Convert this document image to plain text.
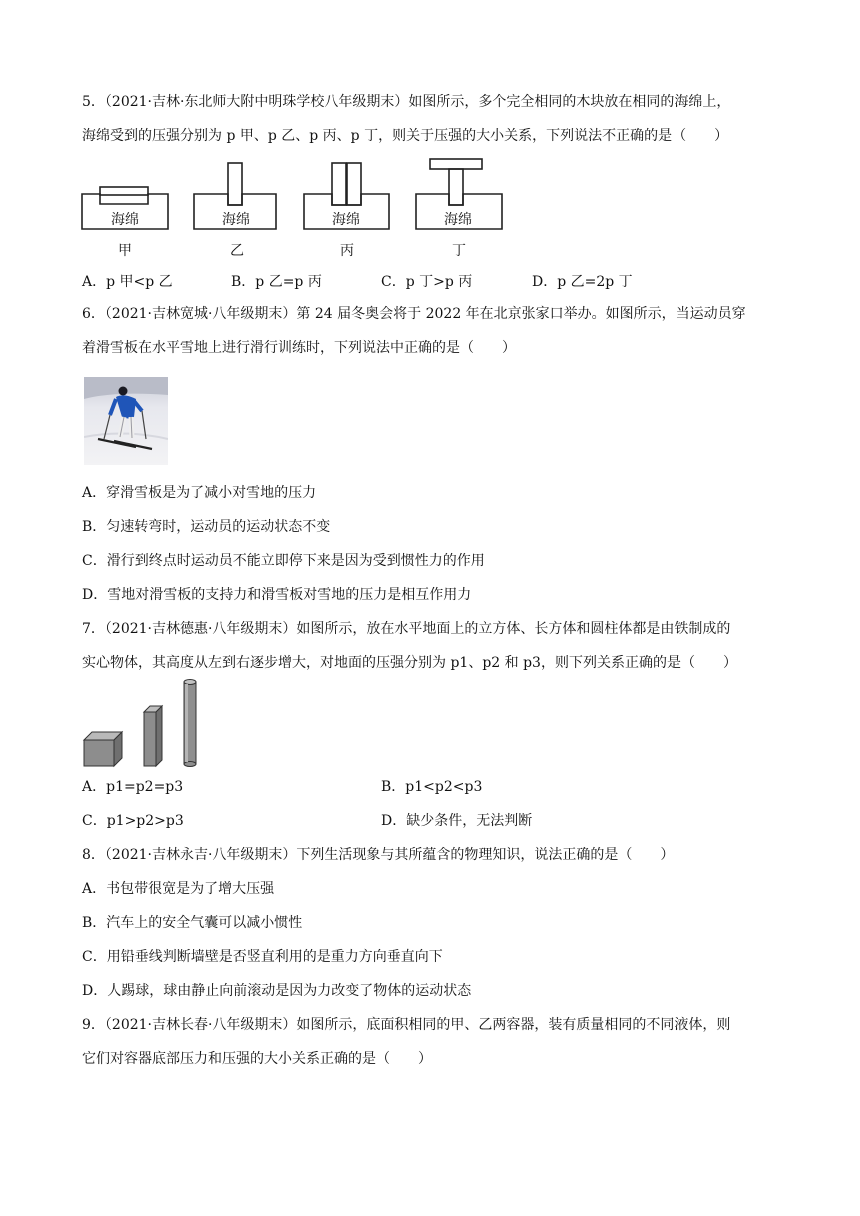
5．（2021·吉林·东北师大附中明珠学校八年级期末）如图所示，多个完全相同的木块放在相同的海绵上，
海绵受到的压强分别为 p 甲、p 乙、p 丙、p 丁，则关于压强的大小关系，下列说法不正确的是（　　）
海绵	海绵	海绵	海绵
甲	乙	丙	丁
A．p 甲<p 乙	B．p 乙=p 丙	C．p 丁>p 丙	D．p 乙=2p 丁
6．（2021·吉林宽城·八年级期末）第 24 届冬奥会将于 2022 年在北京张家口举办。如图所示，当运动员穿
着滑雪板在水平雪地上进行滑行训练时，下列说法中正确的是（　　）
A．穿滑雪板是为了减小对雪地的压力
B．匀速转弯时，运动员的运动状态不变
C．滑行到终点时运动员不能立即停下来是因为受到惯性力的作用
D．雪地对滑雪板的支持力和滑雪板对雪地的压力是相互作用力
7．（2021·吉林德惠·八年级期末）如图所示，放在水平地面上的立方体、长方体和圆柱体都是由铁制成的
实心物体，其高度从左到右逐步增大，对地面的压强分别为 p1、p2 和 p3，则下列关系正确的是（　　）
A．p1=p2=p3	B．p1<p2<p3
C．p1>p2>p3	D．缺少条件，无法判断
8．（2021·吉林永吉·八年级期末）下列生活现象与其所蕴含的物理知识，说法正确的是（　　）
A．书包带很宽是为了增大压强
B．汽车上的安全气囊可以减小惯性
C．用铅垂线判断墙壁是否竖直利用的是重力方向垂直向下
D．人踢球，球由静止向前滚动是因为力改变了物体的运动状态
9．（2021·吉林长春·八年级期末）如图所示，底面积相同的甲、乙两容器，装有质量相同的不同液体，则
它们对容器底部压力和压强的大小关系正确的是（　　）
